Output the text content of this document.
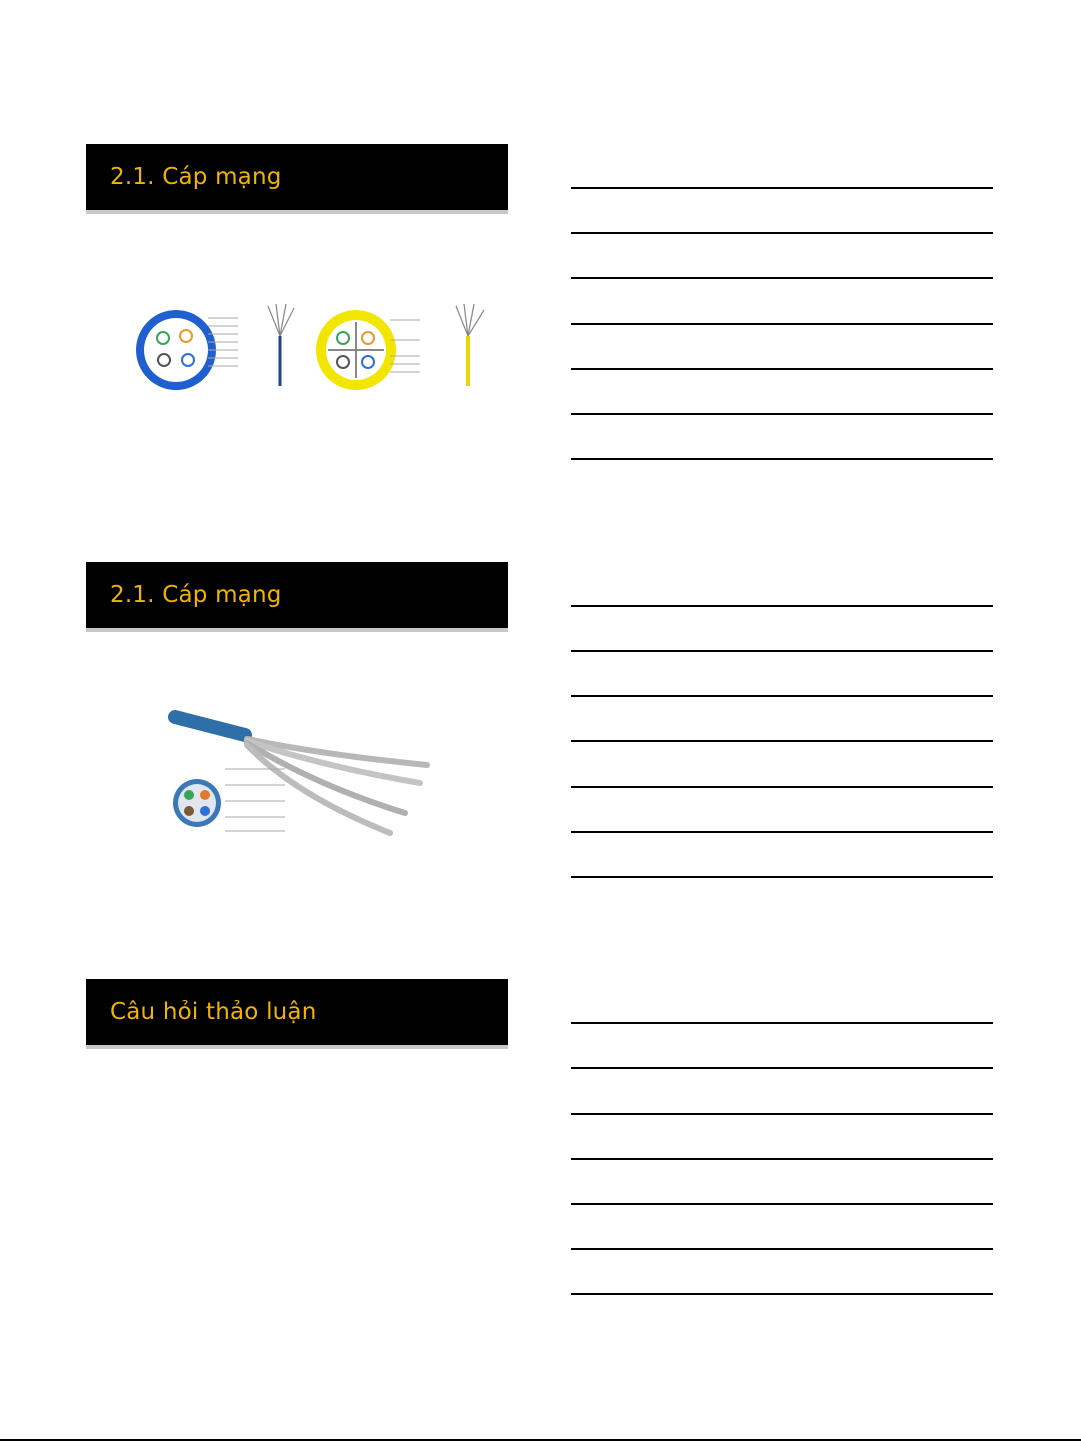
2.1. Cáp mạng
2.1. Cáp mạng
Câu hỏi thảo luận
